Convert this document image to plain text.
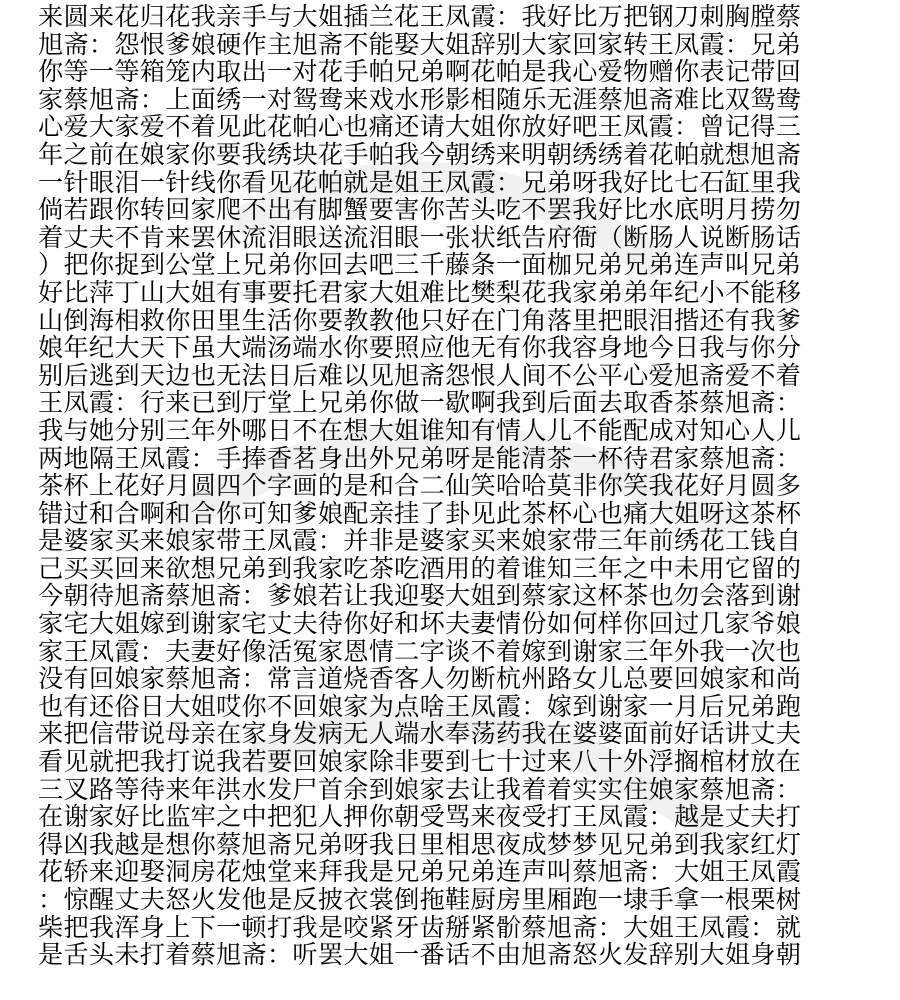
来圆来花归花我亲手与大姐插兰花王凤霞：我好比万把钢刀刺胸膛蔡
旭斋：怨恨爹娘硬作主旭斋不能娶大姐辞别大家回家转王凤霞：兄弟
你等一等箱笼内取出一对花手帕兄弟啊花帕是我心爱物赠你表记带回
家蔡旭斋：上面绣一对鸳鸯来戏水形影相随乐无涯蔡旭斋难比双鸳鸯
心爱大家爱不着见此花帕心也痛还请大姐你放好吧王凤霞：曾记得三
年之前在娘家你要我绣块花手帕我今朝绣来明朝绣绣着花帕就想旭斋
一针眼泪一针线你看见花帕就是姐王凤霞：兄弟呀我好比七石缸里我
倘若跟你转回家爬不出有脚蟹要害你苦头吃不罢我好比水底明月捞勿
着丈夫不肯来罢休流泪眼送流泪眼一张状纸告府衙（断肠人说断肠话
）把你捉到公堂上兄弟你回去吧三千藤条一面枷兄弟兄弟连声叫兄弟
好比萍丁山大姐有事要托君家大姐难比樊梨花我家弟弟年纪小不能移
山倒海相救你田里生活你要教教他只好在门角落里把眼泪揩还有我爹
娘年纪大天下虽大端汤端水你要照应他无有你我容身地今日我与你分
别后逃到天边也无法日后难以见旭斋怨恨人间不公平心爱旭斋爱不着
王凤霞：行来已到厅堂上兄弟你做一歇啊我到后面去取香茶蔡旭斋：
我与她分别三年外哪日不在想大姐谁知有情人儿不能配成对知心人儿
两地隔王凤霞：手捧香茗身出外兄弟呀是能清茶一杯待君家蔡旭斋：
茶杯上花好月圆四个字画的是和合二仙笑哈哈莫非你笑我花好月圆多
错过和合啊和合你可知爹娘配亲挂了卦见此茶杯心也痛大姐呀这茶杯
是婆家买来娘家带王凤霞：并非是婆家买来娘家带三年前绣花工钱自
己买买回来欲想兄弟到我家吃茶吃酒用的着谁知三年之中未用它留的
今朝待旭斋蔡旭斋：爹娘若让我迎娶大姐到蔡家这杯茶也勿会落到谢
家宅大姐嫁到谢家宅丈夫待你好和坏夫妻情份如何样你回过几家爷娘
家王凤霞：夫妻好像活冤家恩情二字谈不着嫁到谢家三年外我一次也
没有回娘家蔡旭斋：常言道烧香客人勿断杭州路女儿总要回娘家和尚
也有还俗日大姐哎你不回娘家为点啥王凤霞：嫁到谢家一月后兄弟跑
来把信带说母亲在家身发病无人端水奉荡药我在婆婆面前好话讲丈夫
看见就把我打说我若要回娘家除非要到七十过来八十外浮搁棺材放在
三叉路等待来年洪水发尸首余到娘家去让我着着实实住娘家蔡旭斋：
在谢家好比监牢之中把犯人押你朝受骂来夜受打王凤霞：越是丈夫打
得凶我越是想你蔡旭斋兄弟呀我日里相思夜成梦梦见兄弟到我家红灯
花轿来迎娶洞房花烛堂来拜我是兄弟兄弟连声叫蔡旭斋：大姐王凤霞
：惊醒丈夫怒火发他是反披衣裳倒拖鞋厨房里厢跑一埭手拿一根栗树
柴把我浑身上下一顿打我是咬紧牙齿掰紧骱蔡旭斋：大姐王凤霞：就
是舌头未打着蔡旭斋：听罢大姐一番话不由旭斋怒火发辞别大姐身朝
